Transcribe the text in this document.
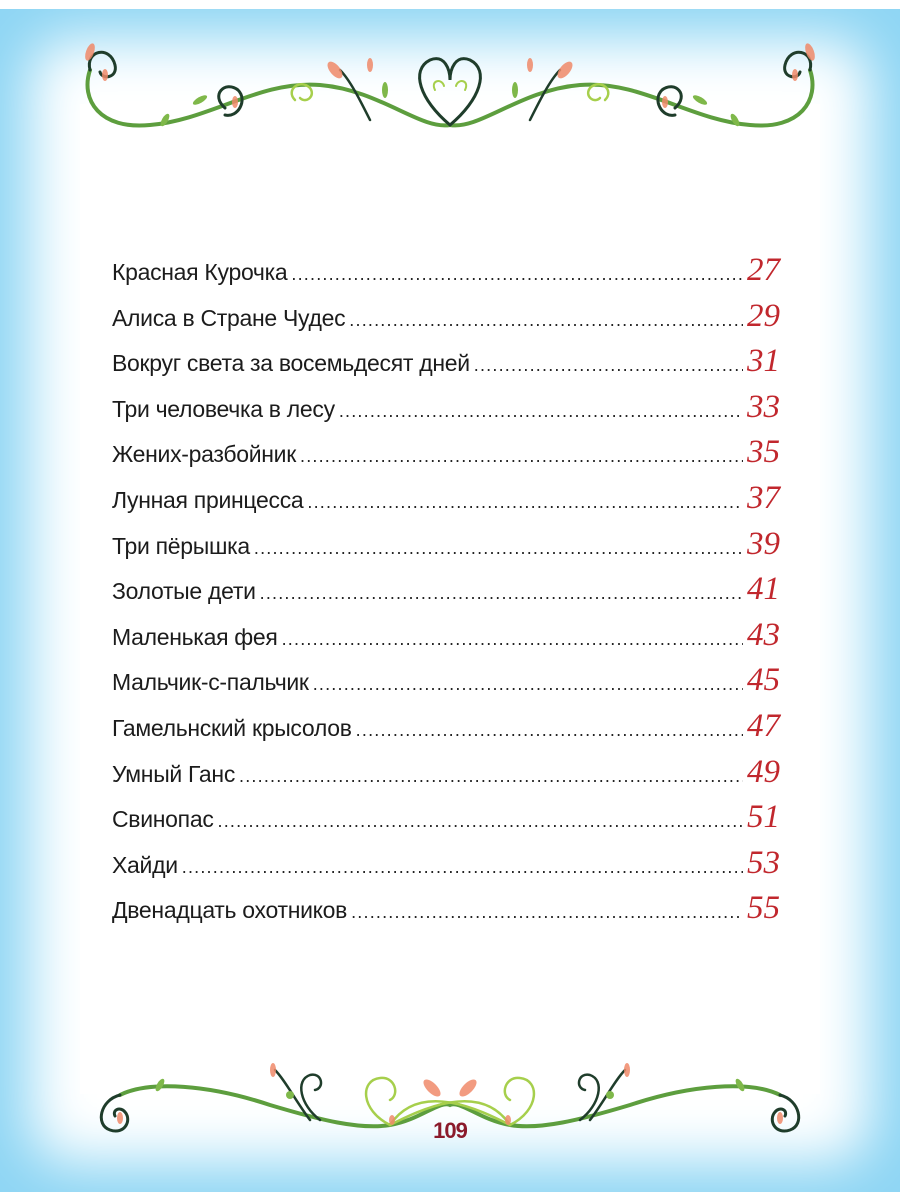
Красная Курочка .....	27
Алиса в Стране Чудес .....	29
Вокруг света за восемьдесят дней .....	31
Три человечка в лесу .....	33
Жених-разбойник .....	35
Лунная принцесса .....	37
Три пёрышка .....	39
Золотые дети .....	41
Маленькая фея .....	43
Мальчик-с-пальчик .....	45
Гамельнский крысолов .....	47
Умный Ганс .....	49
Свинопас .....	51
Хайди .....	53
Двенадцать охотников .....	55
109
